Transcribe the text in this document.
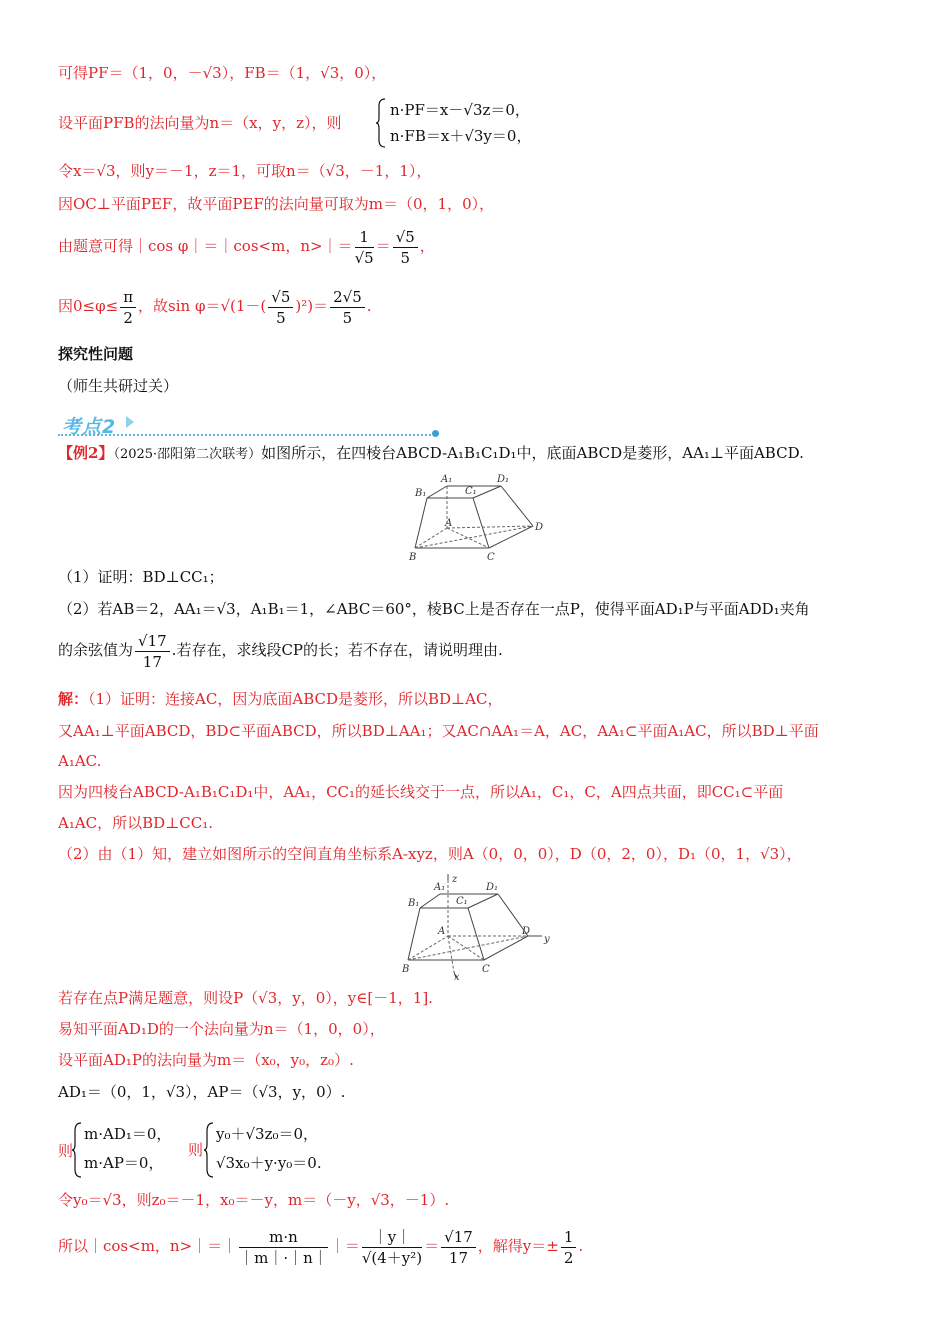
可得PF＝（1，0，－√3），FB＝（1，√3，0），
设平面PFB的法向量为n＝（x，y，z），则
n·PF＝x－√3z＝0，
n·FB＝x＋√3y＝0，
令x＝√3，则y＝－1，z＝1，可取n＝（√3，－1，1），
因OC⊥平面PEF，故平面PEF的法向量可取为m＝（0，1，0），
由题意可得｜cos φ｜＝｜cos<m，n>｜＝ $\frac{1}{√5} = \frac{√5}{5}$ ，
因$0\le\varphi\le \frac{\pi}{2}$ ，故$\sin \varphi=√(1-( \frac{√5}{5} )^2)= \frac{2√5}{5}$ .
探究性问题
（师生共研过关）
考点2
【例2】（2025·邵阳第二次联考）如图所示，在四棱台ABCD-A₁B₁C₁D₁中，底面ABCD是菱形，AA₁⊥平面ABCD.
A₁	D₁
B₁	C₁
A	D
B	C
（1）证明：BD⊥CC₁；
（2）若AB＝2，AA₁＝√3，A₁B₁＝1，∠ABC＝60°，棱BC上是否存在一点P，使得平面AD₁P与平面ADD₁夹角
的余弦值为 $\frac{√17}{17}$ .若存在，求线段CP的长；若不存在，请说明理由.
解：（1）证明：连接AC，因为底面ABCD是菱形，所以BD⊥AC，
又AA₁⊥平面ABCD，BD⊂平面ABCD，所以BD⊥AA₁；又AC∩AA₁＝A，AC，AA₁⊂平面A₁AC，所以BD⊥平面
A₁AC.
因为四棱台ABCD-A₁B₁C₁D₁中，AA₁，CC₁的延长线交于一点，所以A₁，C₁，C，A四点共面，即CC₁⊂平面
A₁AC，所以BD⊥CC₁.
（2）由（1）知，建立如图所示的空间直角坐标系A-xyz，则A（0，0，0），D（0，2，0），D₁（0，1，√3），
z
A₁	D₁
B₁	C₁
A	D
y
B	C
x
若存在点P满足题意，则设P（√3，y，0），y∈[－1，1].
易知平面AD₁D的一个法向量为n＝（1，0，0），
设平面AD₁P的法向量为m＝（x₀，y₀，z₀）.
AD₁＝（0，1，√3），AP＝（√3，y，0）.
则
m·AD₁＝0，
m·AP＝0，
则
y₀＋√3z₀＝0，
√3x₀＋y·y₀＝0.
令y₀＝√3，则z₀＝－1，x₀＝－y，m＝（－y，√3，－1）.
所以｜cos<m，n>｜＝｜ $\frac{m\cdot n}{|m|\cdot|n|}$ ｜＝ $\frac{|y|}{\text{√(4＋y²)}} = \frac{√17}{17}$ ，解得$y=\pm \frac{1}{2}$ .
